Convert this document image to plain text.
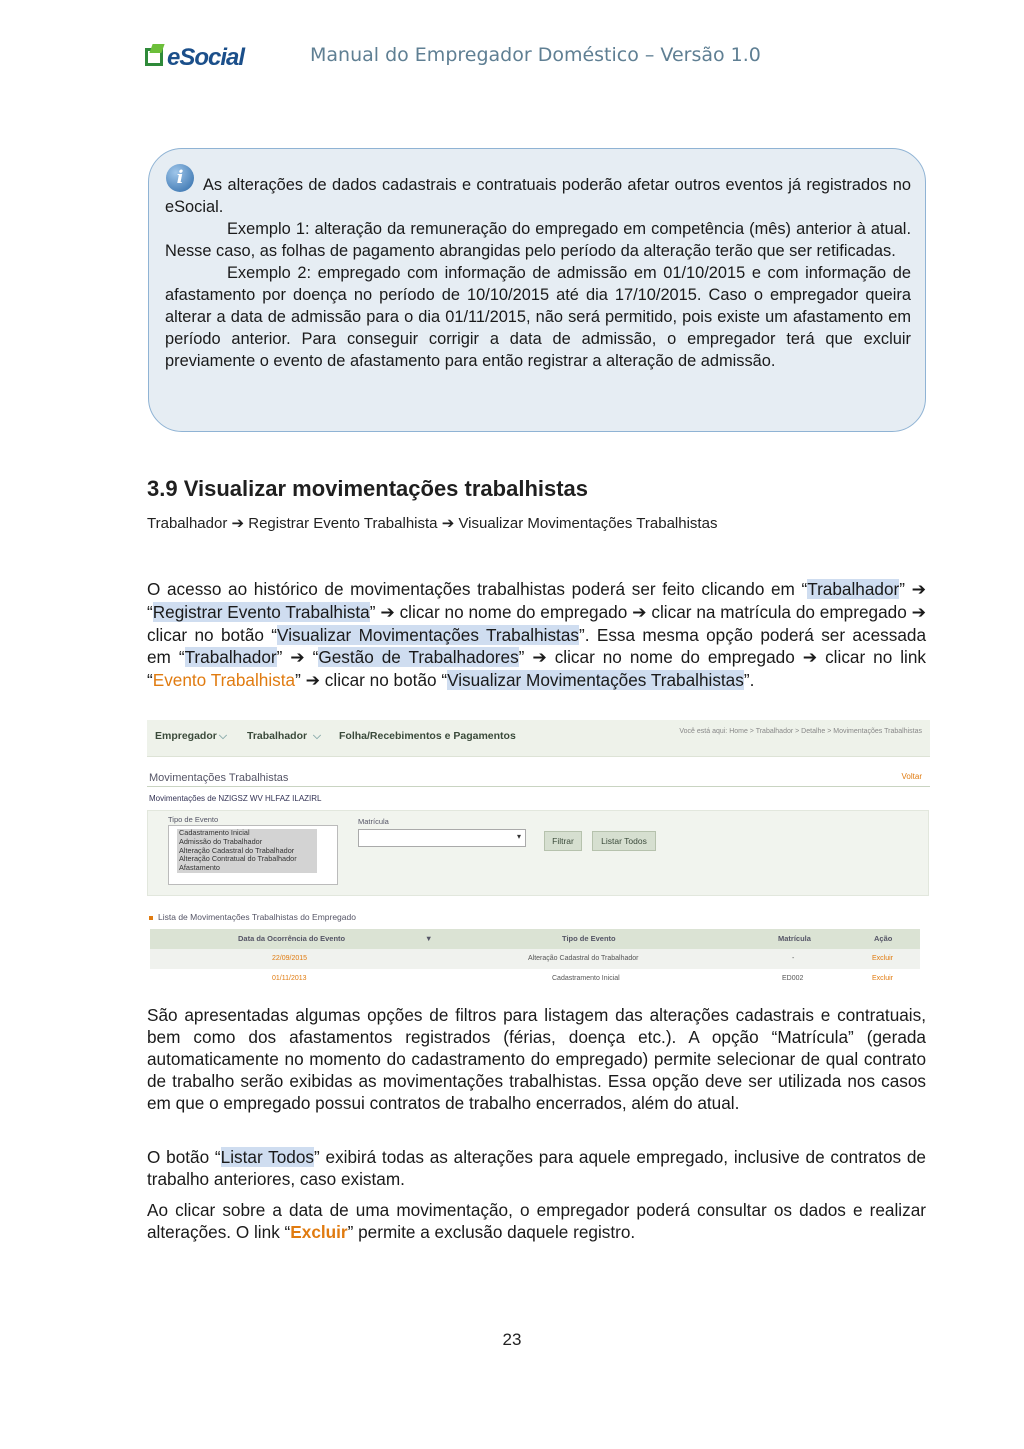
eSocial	Manual do Empregador Doméstico – Versão 1.0
i	As alterações de dados cadastrais e contratuais poderão afetar outros eventos já registrados no eSocial.

Exemplo 1: alteração da remuneração do empregado em competência (mês) anterior à atual. Nesse caso, as folhas de pagamento abrangidas pelo período da alteração terão que ser retificadas.

Exemplo 2: empregado com informação de admissão em 01/10/2015 e com informação de afastamento por doença no período de 10/10/2015 até dia 17/10/2015. Caso o empregador queira alterar a data de admissão para o dia 01/11/2015, não será permitido, pois existe um afastamento em período anterior. Para conseguir corrigir a data de admissão, o empregador terá que excluir previamente o evento de afastamento para então registrar a alteração de admissão.

3.9 Visualizar movimentações trabalhistas
Trabalhador ➔ Registrar Evento Trabalhista ➔ Visualizar Movimentações Trabalhistas

O acesso ao histórico de movimentações trabalhistas poderá ser feito clicando em “Trabalhador” ➔ “Registrar Evento Trabalhista” ➔ clicar no nome do empregado ➔ clicar na matrícula do empregado ➔ clicar no botão “Visualizar Movimentações Trabalhistas”. Essa mesma opção poderá ser acessada em “Trabalhador” ➔ “Gestão de Trabalhadores” ➔ clicar no nome do empregado ➔ clicar no link “Evento Trabalhista” ➔ clicar no botão “Visualizar Movimentações Trabalhistas”.

Empregador ⌵ Trabalhador ⌵ Folha/Recebimentos e Pagamentos	Você está aqui: Home > Trabalhador > Detalhe > Movimentações Trabalhistas
Movimentações Trabalhistas	Voltar
Movimentações de NZIGSZ WV HLFAZ ILAZIRL
Tipo de Evento	Matrícula
Cadastramento Inicial
Admissão do Trabalhador
Alteração Cadastral do Trabalhador
Alteração Contratual do Trabalhador
Afastamento
▾	Filtrar	Listar Todos
Lista de Movimentações Trabalhistas do Empregado
Data da Ocorrência do Evento	▼	Tipo de Evento	Matrícula	Ação
22/09/2015	Alteração Cadastral do Trabalhador	-	Excluir
01/11/2013	Cadastramento Inicial	ED002	Excluir

São apresentadas algumas opções de filtros para listagem das alterações cadastrais e contratuais, bem como dos afastamentos registrados (férias, doença etc.). A opção “Matrícula” (gerada automaticamente no momento do cadastramento do empregado) permite selecionar de qual contrato de trabalho serão exibidas as movimentações trabalhistas. Essa opção deve ser utilizada nos casos em que o empregado possui contratos de trabalho encerrados, além do atual.

O botão “Listar Todos” exibirá todas as alterações para aquele empregado, inclusive de contratos de trabalho anteriores, caso existam.

Ao clicar sobre a data de uma movimentação, o empregador poderá consultar os dados e realizar alterações. O link “Excluir” permite a exclusão daquele registro.

23
